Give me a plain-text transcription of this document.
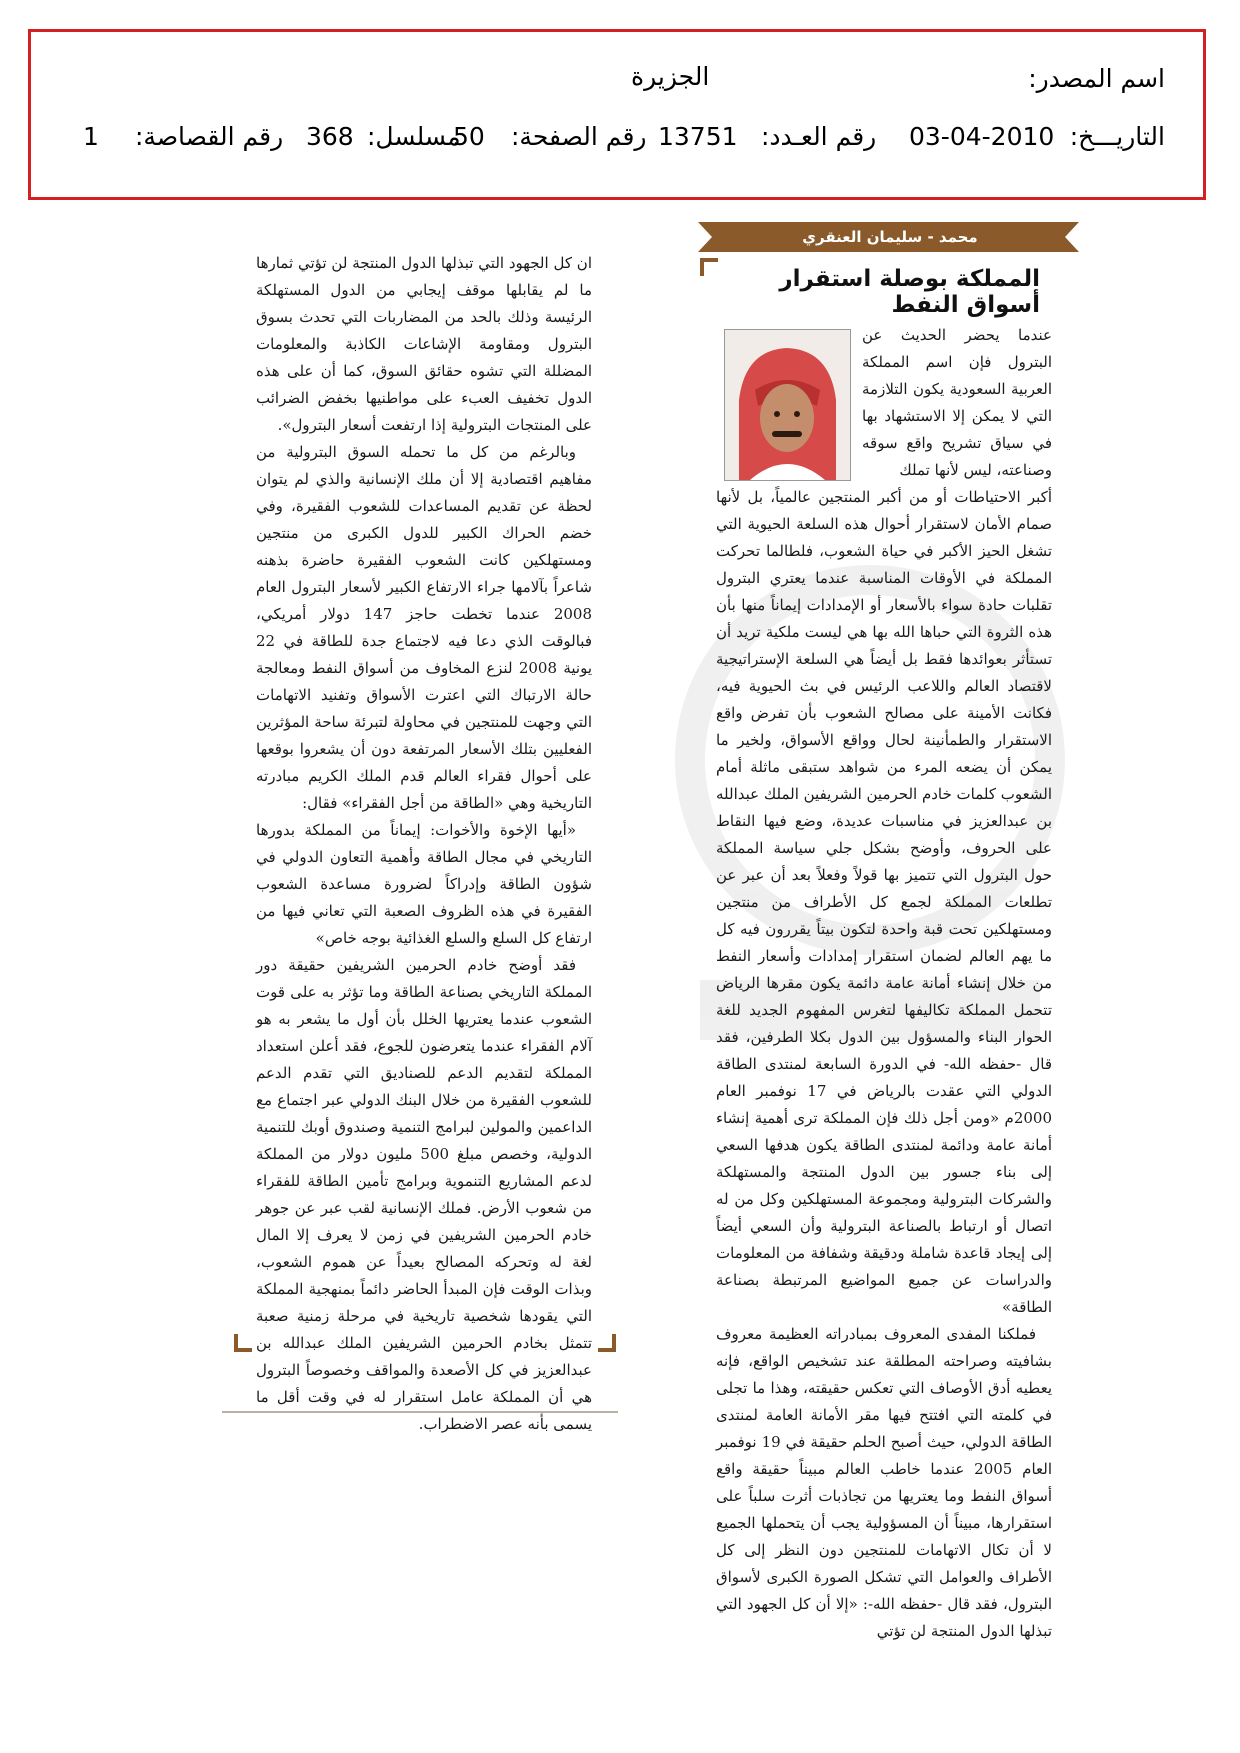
اسم المصدر:
الجزيرة
التاريـــخ:
03-04-2010
رقم العـدد:
13751
رقم الصفحة:
50
مسلسل:
368
رقم القصاصة:
1
محمد - سليمان العنقري
المملكة بوصلة استقرار أسواق النفط

عندما يحضر الحديث عن البترول فإن اسم المملكة العربية السعودية يكون التلازمة التي لا يمكن إلا الاستشهاد بها في سياق تشريح واقع سوقه وصناعته، ليس لأنها تملك

أكبر الاحتياطات أو من أكبر المنتجين عالمياً، بل لأنها صمام الأمان لاستقرار أحوال هذه السلعة الحيوية التي تشغل الحيز الأكبر في حياة الشعوب، فلطالما تحركت المملكة في الأوقات المناسبة عندما يعتري البترول تقلبات حادة سواء بالأسعار أو الإمدادات إيماناً منها بأن هذه الثروة التي حباها الله بها هي ليست ملكية تريد أن تستأثر بعوائدها فقط بل أيضاً هي السلعة الإستراتيجية لاقتصاد العالم واللاعب الرئيس في بث الحيوية فيه، فكانت الأمينة على مصالح الشعوب بأن تفرض واقع الاستقرار والطمأنينة لحال وواقع الأسواق، ولخير ما يمكن أن يضعه المرء من شواهد ستبقى ماثلة أمام الشعوب كلمات خادم الحرمين الشريفين الملك عبدالله بن عبدالعزيز في مناسبات عديدة، وضع فيها النقاط على الحروف، وأوضح بشكل جلي سياسة المملكة حول البترول التي تتميز بها قولاً وفعلاً بعد أن عبر عن تطلعات المملكة لجمع كل الأطراف من منتجين ومستهلكين تحت قبة واحدة لتكون بيتاً يقررون فيه كل ما يهم العالم لضمان استقرار إمدادات وأسعار النفط من خلال إنشاء أمانة عامة دائمة يكون مقرها الرياض تتحمل المملكة تكاليفها لتغرس المفهوم الجديد للغة الحوار البناء والمسؤول بين الدول بكلا الطرفين، فقد قال -حفظه الله- في الدورة السابعة لمنتدى الطاقة الدولي التي عقدت بالرياض في 17 نوفمبر العام 2000م «ومن أجل ذلك فإن المملكة ترى أهمية إنشاء أمانة عامة ودائمة لمنتدى الطاقة يكون هدفها السعي إلى بناء جسور بين الدول المنتجة والمستهلكة والشركات البترولية ومجموعة المستهلكين وكل من له اتصال أو ارتباط بالصناعة البترولية وأن السعي أيضاً إلى إيجاد قاعدة شاملة ودقيقة وشفافة من المعلومات والدراسات عن جميع المواضيع المرتبطة بصناعة الطاقة»

فملكنا المفدى المعروف بمبادراته العظيمة معروف بشافيته وصراحته المطلقة عند تشخيص الواقع، فإنه يعطيه أدق الأوصاف التي تعكس حقيقته، وهذا ما تجلى في كلمته التي افتتح فيها مقر الأمانة العامة لمنتدى الطاقة الدولي، حيث أصبح الحلم حقيقة في 19 نوفمبر العام 2005 عندما خاطب العالم مبيناً حقيقة واقع أسواق النفط وما يعتريها من تجاذبات أثرت سلباً على استقرارها، مبيناً أن المسؤولية يجب أن يتحملها الجميع لا أن تكال الاتهامات للمنتجين دون النظر إلى كل الأطراف والعوامل التي تشكل الصورة الكبرى لأسواق البترول، فقد قال -حفظه الله-: «إلا أن كل الجهود التي تبذلها الدول المنتجة لن تؤتي

ان كل الجهود التي تبذلها الدول المنتجة لن تؤتي ثمارها ما لم يقابلها موقف إيجابي من الدول المستهلكة الرئيسة وذلك بالحد من المضاربات التي تحدث بسوق البترول ومقاومة الإشاعات الكاذبة والمعلومات المضللة التي تشوه حقائق السوق، كما أن على هذه الدول تخفيف العبء على مواطنيها بخفض الضرائب على المنتجات البترولية إذا ارتفعت أسعار البترول».

وبالرغم من كل ما تحمله السوق البترولية من مفاهيم اقتصادية إلا أن ملك الإنسانية والذي لم يتوان لحظة عن تقديم المساعدات للشعوب الفقيرة، وفي خضم الحراك الكبير للدول الكبرى من منتجين ومستهلكين كانت الشعوب الفقيرة حاضرة بذهنه شاعراً بآلامها جراء الارتفاع الكبير لأسعار البترول العام 2008 عندما تخطت حاجز 147 دولار أمريكي، فبالوقت الذي دعا فيه لاجتماع جدة للطاقة في 22 يونية 2008 لنزع المخاوف من أسواق النفط ومعالجة حالة الارتباك التي اعترت الأسواق وتفنيد الاتهامات التي وجهت للمنتجين في محاولة لتبرئة ساحة المؤثرين الفعليين بتلك الأسعار المرتفعة دون أن يشعروا بوقعها على أحوال فقراء العالم قدم الملك الكريم مبادرته التاريخية وهي «الطاقة من أجل الفقراء» فقال:

«أيها الإخوة والأخوات: إيماناً من المملكة بدورها التاريخي في مجال الطاقة وأهمية التعاون الدولي في شؤون الطاقة وإدراكاً لضرورة مساعدة الشعوب الفقيرة في هذه الظروف الصعبة التي تعاني فيها من ارتفاع كل السلع والسلع الغذائية بوجه خاص»

فقد أوضح خادم الحرمين الشريفين حقيقة دور المملكة التاريخي بصناعة الطاقة وما تؤثر به على قوت الشعوب عندما يعتريها الخلل بأن أول ما يشعر به هو آلام الفقراء عندما يتعرضون للجوع، فقد أعلن استعداد المملكة لتقديم الدعم للصناديق التي تقدم الدعم للشعوب الفقيرة من خلال البنك الدولي عبر اجتماع مع الداعمين والمولين لبرامج التنمية وصندوق أوبك للتنمية الدولية، وخصص مبلغ 500 مليون دولار من المملكة لدعم المشاريع التنموية وبرامج تأمين الطاقة للفقراء من شعوب الأرض. فملك الإنسانية لقب عبر عن جوهر خادم الحرمين الشريفين في زمن لا يعرف إلا المال لغة له وتحركه المصالح بعيداً عن هموم الشعوب، وبذات الوقت فإن المبدأ الحاضر دائماً بمنهجية المملكة التي يقودها شخصية تاريخية في مرحلة زمنية صعبة تتمثل بخادم الحرمين الشريفين الملك عبدالله بن عبدالعزيز في كل الأصعدة والمواقف وخصوصاً البترول هي أن المملكة عامل استقرار له في وقت أقل ما يسمى بأنه عصر الاضطراب.
